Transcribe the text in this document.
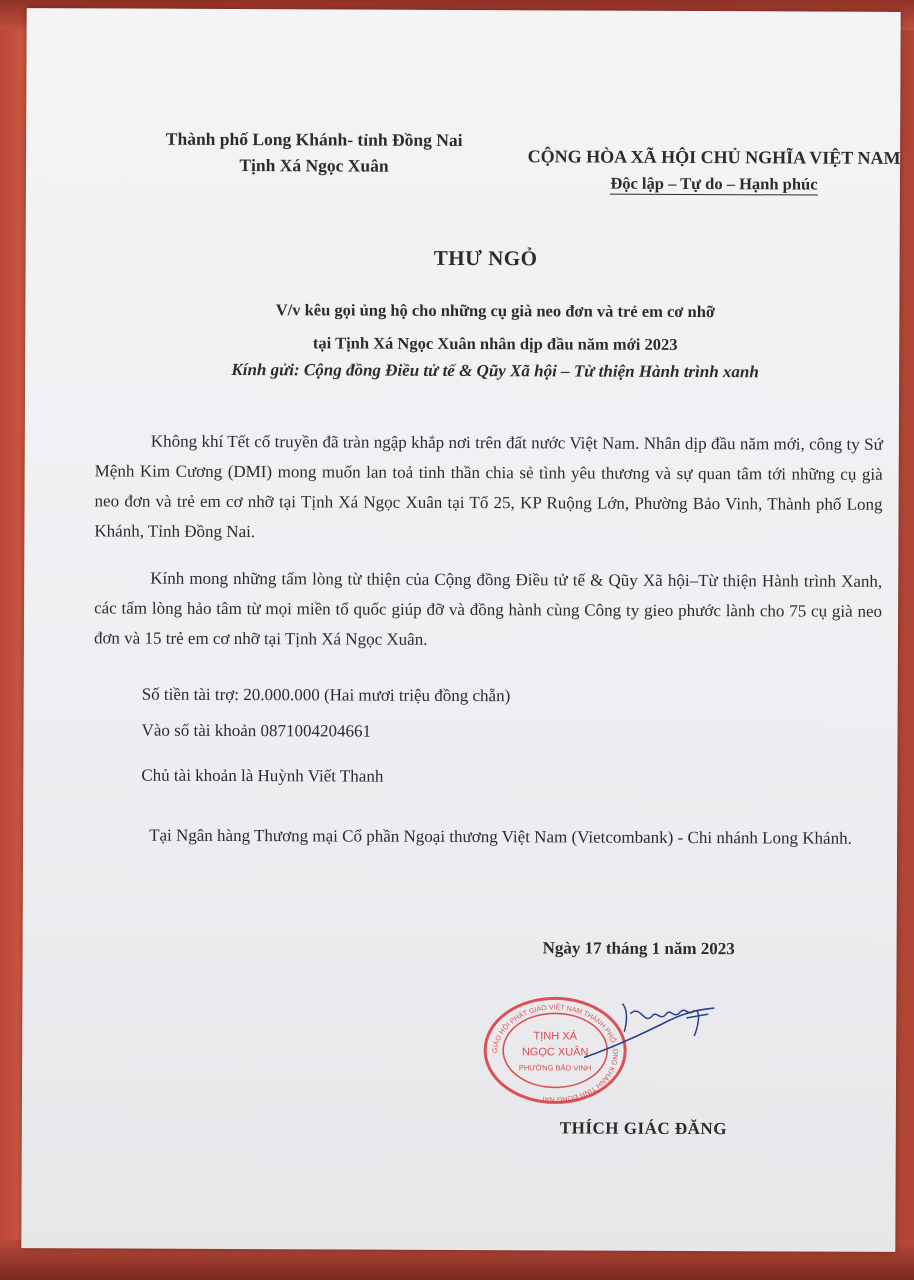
Thành phố Long Khánh- tỉnh Đồng Nai
Tịnh Xá Ngọc Xuân	CỘNG HÒA XÃ HỘI CHỦ NGHĨA VIỆT NAM
Độc lập – Tự do – Hạnh phúc
THƯ NGỎ
V/v kêu gọi ủng hộ cho những cụ già neo đơn và trẻ em cơ nhỡ
tại Tịnh Xá Ngọc Xuân nhân dịp đầu năm mới 2023
Kính gửi: Cộng đồng Điều tử tế & Qũy Xã hội – Từ thiện Hành trình xanh
Không khí Tết cổ truyền đã tràn ngập khắp nơi trên đất nước Việt Nam. Nhân dịp đầu năm mới, công ty Sứ Mệnh Kim Cương (DMI) mong muốn lan toả tinh thần chia sẻ tình yêu thương và sự quan tâm tới những cụ già neo đơn và trẻ em cơ nhỡ tại Tịnh Xá Ngọc Xuân tại Tổ 25, KP Ruộng Lớn, Phường Bảo Vinh, Thành phố Long Khánh, Tỉnh Đồng Nai.
Kính mong những tấm lòng từ thiện của Cộng đồng Điều tử tế & Qũy Xã hội–Từ thiện Hành trình Xanh, các tấm lòng hảo tâm từ mọi miền tổ quốc giúp đỡ và đồng hành cùng Công ty gieo phước lành cho 75 cụ già neo đơn và 15 trẻ em cơ nhỡ tại Tịnh Xá Ngọc Xuân.
Số tiền tài trợ: 20.000.000 (Hai mươi triệu đồng chẵn)
Vào số tài khoản 0871004204661
Chủ tài khoản là Huỳnh Viết Thanh
Tại Ngân hàng Thương mại Cổ phần Ngoại thương Việt Nam (Vietcombank) - Chi nhánh Long Khánh.
Ngày 17 tháng 1 năm 2023
GIÁO HỘI PHẬT GIÁO VIỆT NAM THÀNH PHỐ LONG KHÁNH TỈNH ĐỒNG NAI
TỊNH XÁ
NGỌC XUÂN
PHƯỜNG BẢO VINH
THÍCH GIÁC ĐĂNG
